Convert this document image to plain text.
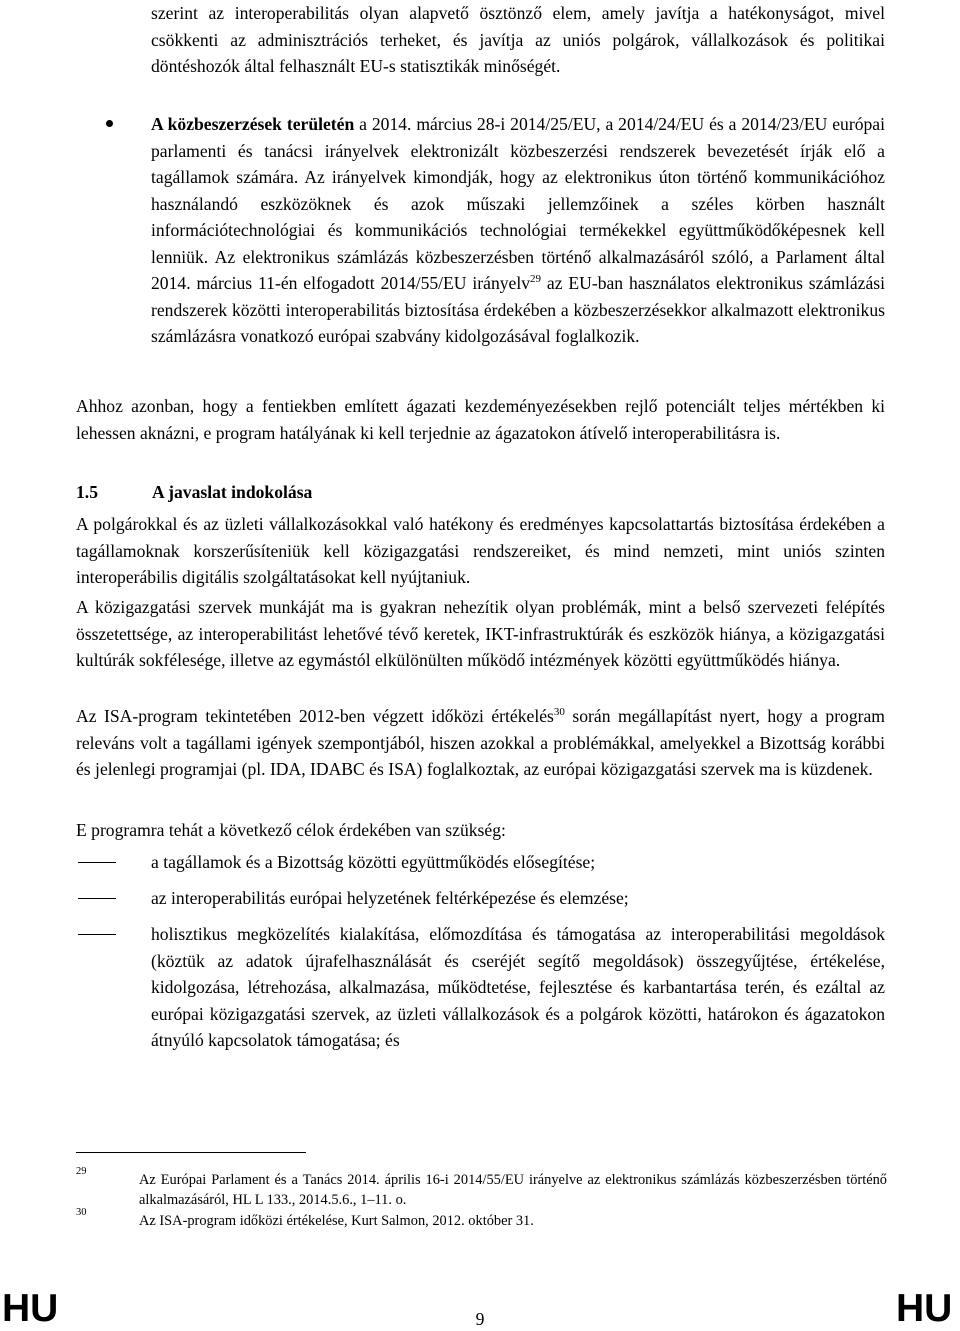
szerint az interoperabilitás olyan alapvető ösztönző elem, amely javítja a hatékonyságot, mivel csökkenti az adminisztrációs terheket, és javítja az uniós polgárok, vállalkozások és politikai döntéshozók által felhasznált EU-s statisztikák minőségét.

A közbeszerzések területén a 2014. március 28-i 2014/25/EU, a 2014/24/EU és a 2014/23/EU európai parlamenti és tanácsi irányelvek elektronizált közbeszerzési rendszerek bevezetését írják elő a tagállamok számára. Az irányelvek kimondják, hogy az elektronikus úton történő kommunikációhoz használandó eszközöknek és azok műszaki jellemzőinek a széles körben használt információtechnológiai és kommunikációs technológiai termékekkel együttműködőképesnek kell lenniük. Az elektronikus számlázás közbeszerzésben történő alkalmazásáról szóló, a Parlament által 2014. március 11-én elfogadott 2014/55/EU irányelv$^{29}$ az EU-ban használatos elektronikus számlázási rendszerek közötti interoperabilitás biztosítása érdekében a közbeszerzésekkor alkalmazott elektronikus számlázásra vonatkozó európai szabvány kidolgozásával foglalkozik.

Ahhoz azonban, hogy a fentiekben említett ágazati kezdeményezésekben rejlő potenciált teljes mértékben ki lehessen aknázni, e program hatályának ki kell terjednie az ágazatokon átívelő interoperabilitásra is.

1.5	A javaslat indokolása

A polgárokkal és az üzleti vállalkozásokkal való hatékony és eredményes kapcsolattartás biztosítása érdekében a tagállamoknak korszerűsíteniük kell közigazgatási rendszereiket, és mind nemzeti, mint uniós szinten interoperábilis digitális szolgáltatásokat kell nyújtaniuk.

A közigazgatási szervek munkáját ma is gyakran nehezítik olyan problémák, mint a belső szervezeti felépítés összetettsége, az interoperabilitást lehetővé tévő keretek, IKT-infrastruktúrák és eszközök hiánya, a közigazgatási kultúrák sokfélesége, illetve az egymástól elkülönülten működő intézmények közötti együttműködés hiánya.

Az ISA-program tekintetében 2012-ben végzett időközi értékelés$^{30}$ során megállapítást nyert, hogy a program releváns volt a tagállami igények szempontjából, hiszen azokkal a problémákkal, amelyekkel a Bizottság korábbi és jelenlegi programjai (pl. IDA, IDABC és ISA) foglalkoztak, az európai közigazgatási szervek ma is küzdenek.

E programra tehát a következő célok érdekében van szükség:

a tagállamok és a Bizottság közötti együttműködés elősegítése;

az interoperabilitás európai helyzetének feltérképezése és elemzése;

holisztikus megközelítés kialakítása, előmozdítása és támogatása az interoperabilitási megoldások (köztük az adatok újrafelhasználását és cseréjét segítő megoldások) összegyűjtése, értékelése, kidolgozása, létrehozása, alkalmazása, működtetése, fejlesztése és karbantartása terén, és ezáltal az európai közigazgatási szervek, az üzleti vállalkozások és a polgárok közötti, határokon és ágazatokon átnyúló kapcsolatok támogatása; és

29

Az Európai Parlament és a Tanács 2014. április 16-i 2014/55/EU irányelve az elektronikus számlázás közbeszerzésben történő alkalmazásáról, HL L 133., 2014.5.6., 1–11. o.

30

Az ISA-program időközi értékelése, Kurt Salmon, 2012. október 31.

HU	9	HU
